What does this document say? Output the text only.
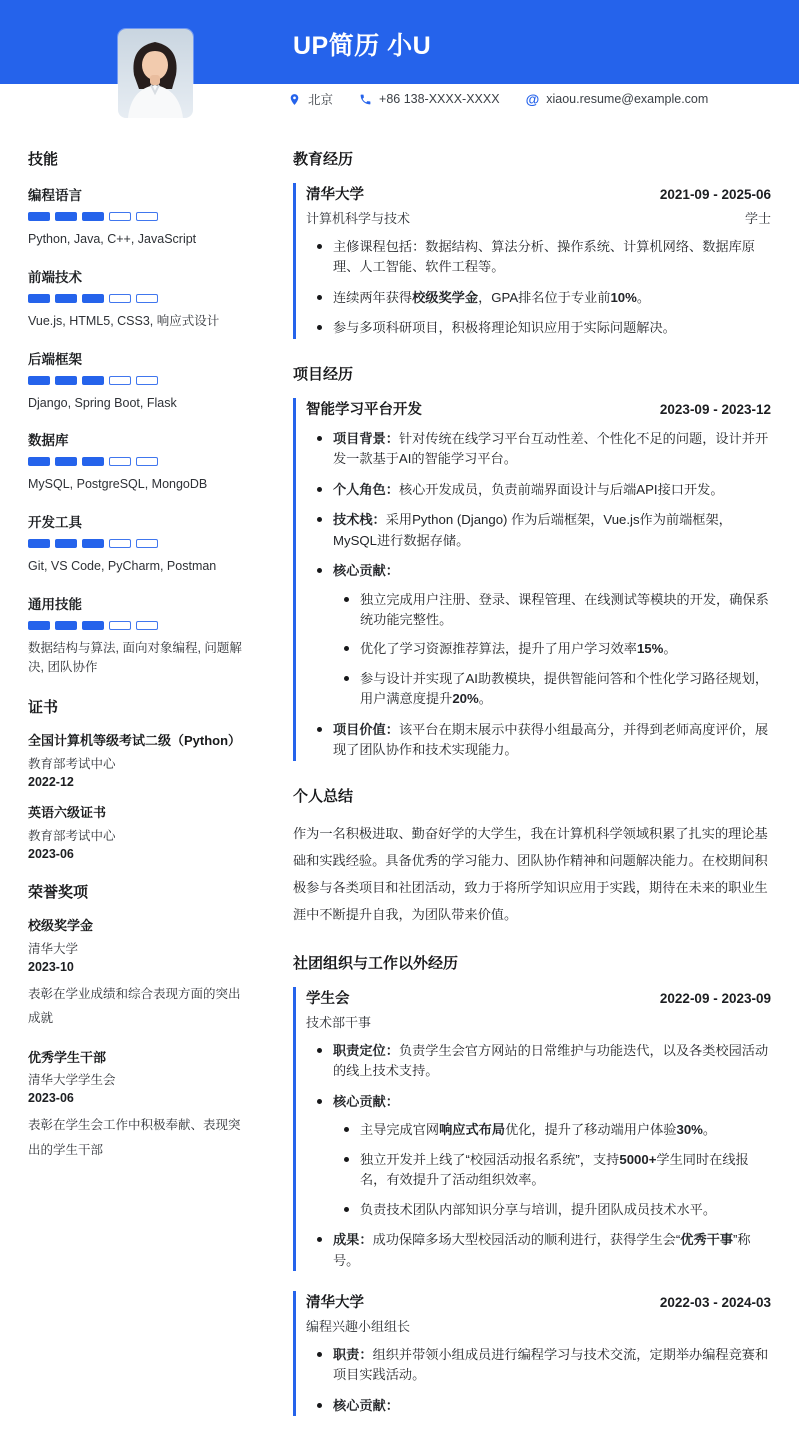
UP简历 小U
北京	+86 138-XXXX-XXXX @ xiaou.resume@example.com
技能
编程语言
Python, Java, C++, JavaScript
前端技术
Vue.js, HTML5, CSS3, 响应式设计
后端框架
Django, Spring Boot, Flask
数据库
MySQL, PostgreSQL, MongoDB
开发工具
Git, VS Code, PyCharm, Postman
通用技能
数据结构与算法, 面向对象编程, 问题解决, 团队协作
证书
全国计算机等级考试二级（Python）
教育部考试中心
2022-12
英语六级证书
教育部考试中心
2023-06
荣誉奖项
校级奖学金
清华大学
2023-10
表彰在学业成绩和综合表现方面的突出成就
优秀学生干部
清华大学学生会
2023-06
表彰在学生会工作中积极奉献、表现突出的学生干部
教育经历
清华大学	2021-09 - 2025-06
计算机科学与技术	学士
主修课程包括：数据结构、算法分析、操作系统、计算机网络、数据库原理、人工智能、软件工程等。
连续两年获得校级奖学金，GPA排名位于专业前10%。
参与多项科研项目，积极将理论知识应用于实际问题解决。
项目经历
智能学习平台开发	2023-09 - 2023-12
项目背景：针对传统在线学习平台互动性差、个性化不足的问题，设计并开发一款基于AI的智能学习平台。
个人角色：核心开发成员，负责前端界面设计与后端API接口开发。
技术栈：采用Python (Django) 作为后端框架，Vue.js作为前端框架，MySQL进行数据存储。
核心贡献：
独立完成用户注册、登录、课程管理、在线测试等模块的开发，确保系统功能完整性。
优化了学习资源推荐算法，提升了用户学习效率15%。
参与设计并实现了AI助教模块，提供智能问答和个性化学习路径规划，用户满意度提升20%。
项目价值：该平台在期末展示中获得小组最高分，并得到老师高度评价，展现了团队协作和技术实现能力。
个人总结

作为一名积极进取、勤奋好学的大学生，我在计算机科学领域积累了扎实的理论基础和实践经验。具备优秀的学习能力、团队协作精神和问题解决能力。在校期间积极参与各类项目和社团活动，致力于将所学知识应用于实践，期待在未来的职业生涯中不断提升自我，为团队带来价值。

社团组织与工作以外经历
学生会	2022-09 - 2023-09
技术部干事
职责定位：负责学生会官方网站的日常维护与功能迭代，以及各类校园活动的线上技术支持。
核心贡献：
主导完成官网响应式布局优化，提升了移动端用户体验30%。
独立开发并上线了“校园活动报名系统”，支持5000+学生同时在线报名，有效提升了活动组织效率。
负责技术团队内部知识分享与培训，提升团队成员技术水平。
成果：成功保障多场大型校园活动的顺利进行，获得学生会“优秀干事”称号。
清华大学	2022-03 - 2024-03
编程兴趣小组组长
职责：组织并带领小组成员进行编程学习与技术交流，定期举办编程竞赛和项目实践活动。
核心贡献：
